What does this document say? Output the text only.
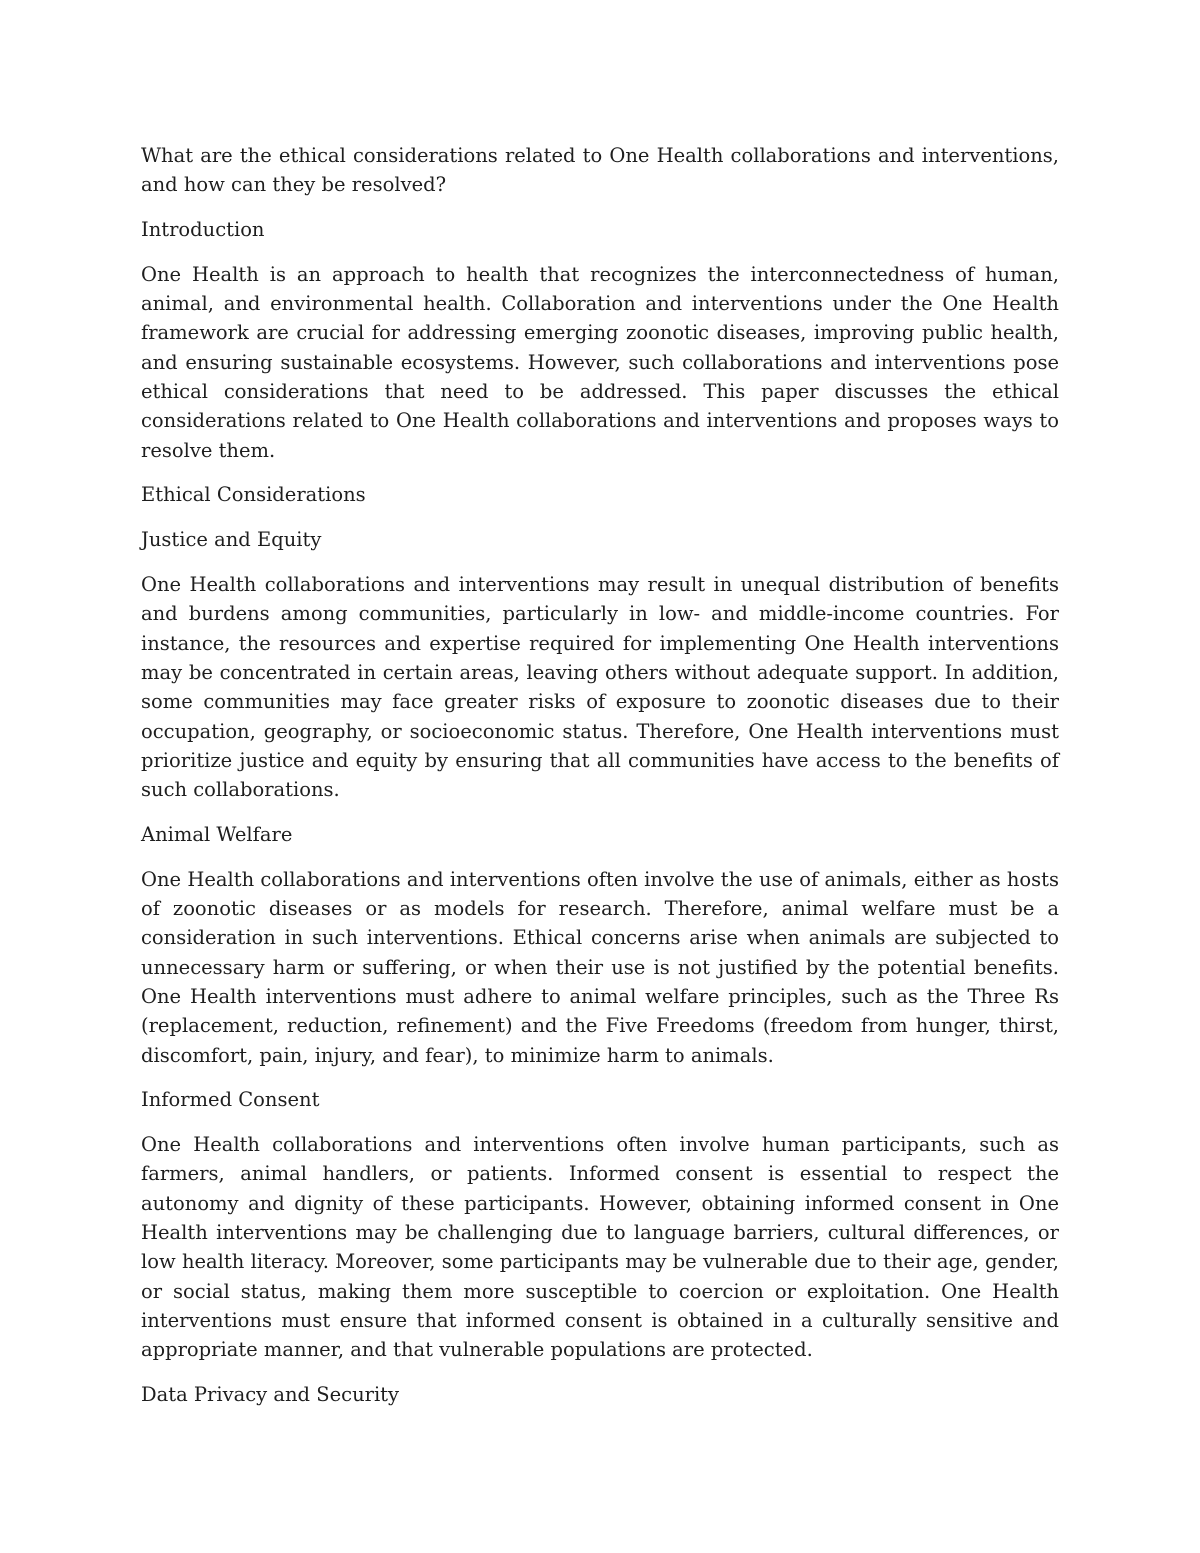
What are the ethical considerations related to One Health collaborations and interventions, and how can they be resolved?

Introduction

One Health is an approach to health that recognizes the interconnectedness of human, animal, and environmental health. Collaboration and interventions under the One Health framework are crucial for addressing emerging zoonotic diseases, improving public health, and ensuring sustainable ecosystems. However, such collaborations and interventions pose ethical considerations that need to be addressed. This paper discusses the ethical considerations related to One Health collaborations and interventions and proposes ways to resolve them.

Ethical Considerations

Justice and Equity

One Health collaborations and interventions may result in unequal distribution of benefits and burdens among communities, particularly in low- and middle-income countries. For instance, the resources and expertise required for implementing One Health interventions may be concentrated in certain areas, leaving others without adequate support. In addition, some communities may face greater risks of exposure to zoonotic diseases due to their occupation, geography, or socioeconomic status. Therefore, One Health interventions must prioritize justice and equity by ensuring that all communities have access to the benefits of such collaborations.

Animal Welfare

One Health collaborations and interventions often involve the use of animals, either as hosts of zoonotic diseases or as models for research. Therefore, animal welfare must be a consideration in such interventions. Ethical concerns arise when animals are subjected to unnecessary harm or suffering, or when their use is not justified by the potential benefits. One Health interventions must adhere to animal welfare principles, such as the Three Rs (replacement, reduction, refinement) and the Five Freedoms (freedom from hunger, thirst, discomfort, pain, injury, and fear), to minimize harm to animals.

Informed Consent

One Health collaborations and interventions often involve human participants, such as farmers, animal handlers, or patients. Informed consent is essential to respect the autonomy and dignity of these participants. However, obtaining informed consent in One Health interventions may be challenging due to language barriers, cultural differences, or low health literacy. Moreover, some participants may be vulnerable due to their age, gender, or social status, making them more susceptible to coercion or exploitation. One Health interventions must ensure that informed consent is obtained in a culturally sensitive and appropriate manner, and that vulnerable populations are protected.

Data Privacy and Security
